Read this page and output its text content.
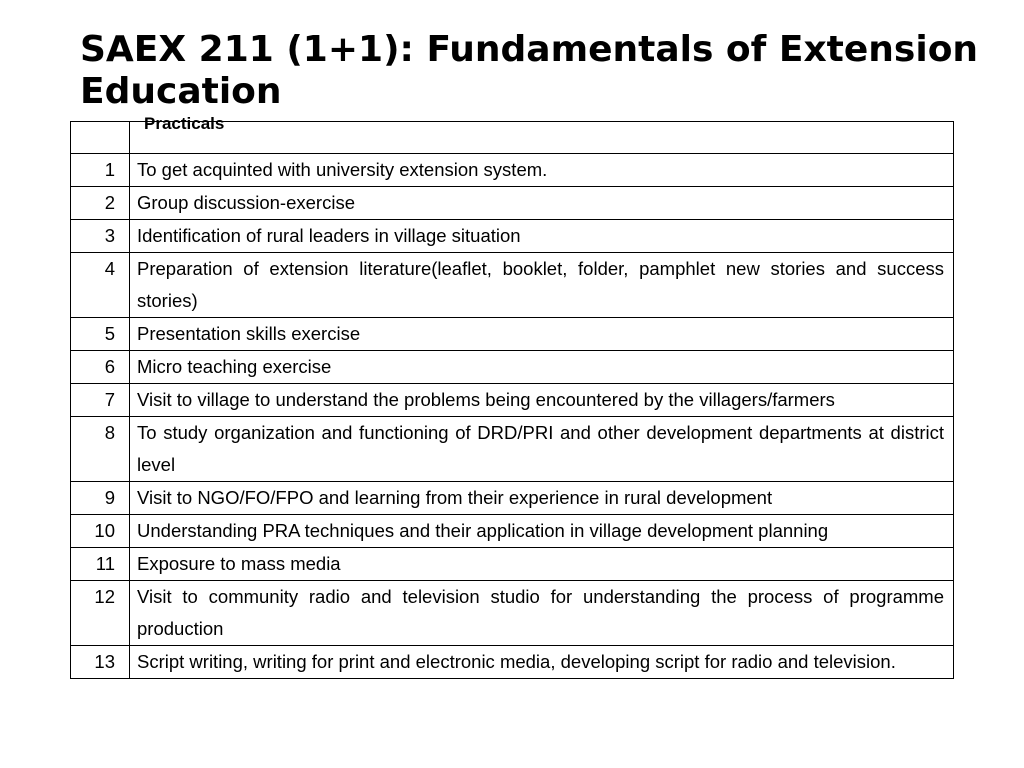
SAEX 211 (1+1): Fundamentals of Extension Education

	Practicals

1	To get acquinted with university extension system.
2	Group discussion-exercise
3	Identification of rural leaders in village situation
4	Preparation of extension literature(leaflet, booklet, folder, pamphlet new stories and success stories)
5	Presentation skills exercise
6	Micro teaching exercise
7	Visit to village to understand the problems being encountered by the villagers/farmers
8	To study organization and functioning of DRD/PRI and other development departments at district level
9	Visit to NGO/FO/FPO and learning from their experience in rural development
10	Understanding PRA techniques and their application in village development planning
11	Exposure to mass media
12	Visit to community radio and television studio for understanding the process of programme production
13	Script writing, writing for print and electronic media, developing script for radio and television.
